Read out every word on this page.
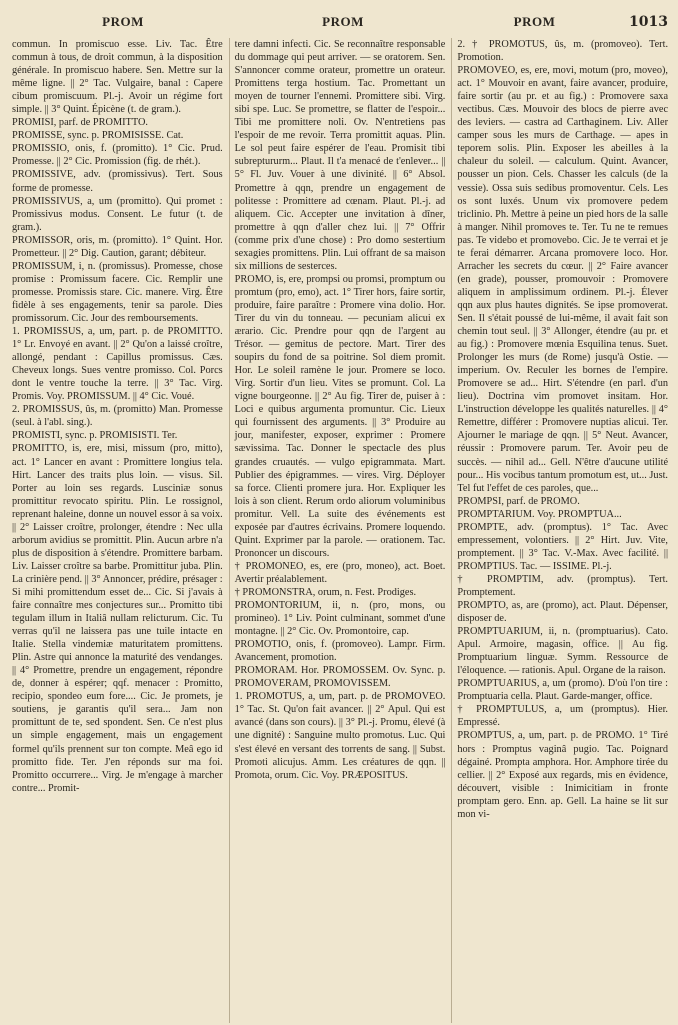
PROM	PROM	PROM	1013

commun. In promiscuo esse. Liv. Tac. Être commun à tous, de droit commun, à la disposition générale. In promiscuo habere. Sen. Mettre sur la même ligne. || 2° Tac. Vulgaire, banal : Capere cibum promiscuum. Pl.-j. Avoir un régime fort simple. || 3° Quint. Épicène (t. de gram.).

PROMISI, parf. de PROMITTO.

PROMISSE, sync. p. PROMISISSE. Cat.

PROMISSIO, onis, f. (promitto). 1° Cic. Prud. Promesse. || 2° Cic. Promission (fig. de rhét.).

PROMISSIVE, adv. (promissivus). Tert. Sous forme de promesse.

PROMISSIVUS, a, um (promitto). Qui promet : Promissivus modus. Consent. Le futur (t. de gram.).

PROMISSOR, oris, m. (promitto). 1° Quint. Hor. Prometteur. || 2° Dig. Caution, garant; débiteur.

PROMISSUM, i, n. (promissus). Promesse, chose promise : Promissum facere. Cic. Remplir une promesse. Promissis stare. Cic. manere. Virg. Être fidèle à ses engagements, tenir sa parole. Dies promissorum. Cic. Jour des remboursements.

1. PROMISSUS, a, um, part. p. de PROMITTO. 1° Lr. Envoyé en avant. || 2° Qu'on a laissé croître, allongé, pendant : Capillus promissus. Cæs. Cheveux longs. Sues ventre promisso. Col. Porcs dont le ventre touche la terre. || 3° Tac. Virg. Promis. Voy. PROMISSUM. || 4° Cic. Voué.

2. PROMISSUS, ûs, m. (promitto) Man. Promesse (seul. à l'abl. sing.).

PROMISTI, sync. p. PROMISISTI. Ter.

PROMITTO, is, ere, misi, missum (pro, mitto), act. 1° Lancer en avant : Promittere longius tela. Hirt. Lancer des traits plus loin. — visus. Sil. Porter au loin ses regards. Lusciniæ sonus promittitur revocato spiritu. Plin. Le rossignol, reprenant haleine, donne un nouvel essor à sa voix. || 2° Laisser croître, prolonger, étendre : Nec ulla arborum avidius se promittit. Plin. Aucun arbre n'a plus de disposition à s'étendre. Promittere barbam. Liv. Laisser croître sa barbe. Promittitur juba. Plin. La crinière pend. || 3° Annoncer, prédire, présager : Si mihi promittendum esset de... Cic. Si j'avais à faire connaître mes conjectures sur... Promitto tibi tegulam illum in Italiâ nullam relicturum. Cic. Tu verras qu'il ne laissera pas une tuile intacte en Italie. Stella vindemiæ maturitatem promittens. Plin. Astre qui annonce la maturité des vendanges. || 4° Promettre, prendre un engagement, répondre de, donner à espérer; qqf. menacer : Promitto, recipio, spondeo eum fore.... Cic. Je promets, je soutiens, je garantis qu'il sera... Jam non promittunt de te, sed spondent. Sen. Ce n'est plus un simple engagement, mais un engagement formel qu'ils prennent sur ton compte. Meâ ego id promitto fide. Ter. J'en réponds sur ma foi. Promitto occurrere... Virg. Je m'engage à marcher contre... Promit-

tere damni infecti. Cic. Se reconnaître responsable du dommage qui peut arriver. — se oratorem. Sen. S'annoncer comme orateur, promettre un orateur. Promittens terga hostium. Tac. Promettant un moyen de tourner l'ennemi. Promittere sibi. Virg. sibi spe. Luc. Se promettre, se flatter de l'espoir... Tibi me promittere noli. Ov. N'entretiens pas l'espoir de me revoir. Terra promittit aquas. Plin. Le sol peut faire espérer de l'eau. Promisit tibi subreptururm... Plaut. Il t'a menacé de t'enlever... || 5° Fl. Juv. Vouer à une divinité. || 6° Absol. Promettre à qqn, prendre un engagement de politesse : Promittere ad cœnam. Plaut. Pl.-j. ad aliquem. Cic. Accepter une invitation à dîner, promettre à qqn d'aller chez lui. || 7° Offrir (comme prix d'une chose) : Pro domo sestertium sexagies promittens. Plin. Lui offrant de sa maison six millions de sesterces.

PROMO, is, ere, prompsi ou promsi, promptum ou promtum (pro, emo), act. 1° Tirer hors, faire sortir, produire, faire paraître : Promere vina dolio. Hor. Tirer du vin du tonneau. — pecuniam alicui ex ærario. Cic. Prendre pour qqn de l'argent au Trésor. — gemitus de pectore. Mart. Tirer des soupirs du fond de sa poitrine. Sol diem promit. Hor. Le soleil ramène le jour. Promere se loco. Virg. Sortir d'un lieu. Vites se promunt. Col. La vigne bourgeonne. || 2° Au fig. Tirer de, puiser à : Loci e quibus argumenta promuntur. Cic. Lieux qui fournissent des arguments. || 3° Produire au jour, manifester, exposer, exprimer : Promere sævissima. Tac. Donner le spectacle des plus grandes cruautés. — vulgo epigrammata. Mart. Publier des épigrammes. — vires. Virg. Déployer sa force. Clienti promere jura. Hor. Expliquer les lois à son client. Rerum ordo aliorum voluminibus promitur. Vell. La suite des événements est exposée par d'autres écrivains. Promere loquendo. Quint. Exprimer par la parole. — orationem. Tac. Prononcer un discours.

† PROMONEO, es, ere (pro, moneo), act. Boet. Avertir préalablement.

† PROMONSTRA, orum, n. Fest. Prodiges.

PROMONTORIUM, ii, n. (pro, mons, ou promineo). 1° Liv. Point culminant, sommet d'une montagne. || 2° Cic. Ov. Promontoire, cap.

PROMOTIO, onis, f. (promoveo). Lampr. Firm. Avancement, promotion.

PROMORAM. Hor. PROMOSSEM. Ov. Sync. p. PROMOVERAM, PROMOVISSEM.

1. PROMOTUS, a, um, part. p. de PROMOVEO. 1° Tac. St. Qu'on fait avancer. || 2° Apul. Qui est avancé (dans son cours). || 3° Pl.-j. Promu, élevé (à une dignité) : Sanguine multo promotus. Luc. Qui s'est élevé en versant des torrents de sang. || Subst. Promoti alicujus. Amm. Les créatures de qqn. || Promota, orum. Cic. Voy. PRÆPOSITUS.

2. † PROMOTUS, ûs, m. (promoveo). Tert. Promotion.

PROMOVEO, es, ere, movi, motum (pro, moveo), act. 1° Mouvoir en avant, faire avancer, produire, faire sortir (au pr. et au fig.) : Promovere saxa vectibus. Cæs. Mouvoir des blocs de pierre avec des leviers. — castra ad Carthaginem. Liv. Aller camper sous les murs de Carthage. — apes in teporem solis. Plin. Exposer les abeilles à la chaleur du soleil. — calculum. Quint. Avancer, pousser un pion. Cels. Chasser les calculs (de la vessie). Ossa suis sedibus promoventur. Cels. Les os sont luxés. Unum vix promovere pedem triclinio. Ph. Mettre à peine un pied hors de la salle à manger. Nihil promoves te. Ter. Tu ne te remues pas. Te videbo et promovebo. Cic. Je te verrai et je te ferai démarrer. Arcana promovere loco. Hor. Arracher les secrets du cœur. || 2° Faire avancer (en grade), pousser, promouvoir : Promovere aliquem in amplissimum ordinem. Pl.-j. Élever qqn aux plus hautes dignités. Se ipse promoverat. Sen. Il s'était poussé de lui-même, il avait fait son chemin tout seul. || 3° Allonger, étendre (au pr. et au fig.) : Promovere mœnia Esquilina tenus. Suet. Prolonger les murs (de Rome) jusqu'à Ostie. — imperium. Ov. Reculer les bornes de l'empire. Promovere se ad... Hirt. S'étendre (en parl. d'un lieu). Doctrina vim promovet insitam. Hor. L'instruction développe les qualités naturelles. || 4° Remettre, différer : Promovere nuptias alicui. Ter. Ajourner le mariage de qqn. || 5° Neut. Avancer, réussir : Promovere parum. Ter. Avoir peu de succès. — nihil ad... Gell. N'être d'aucune utilité pour... His vocibus tantum promotum est, ut... Just. Tel fut l'effet de ces paroles, que...

PROMPSI, parf. de PROMO.

PROMPTARIUM. Voy. PROMPTUA...

PROMPTE, adv. (promptus). 1° Tac. Avec empressement, volontiers. || 2° Hirt. Juv. Vite, promptement. || 3° Tac. V.-Max. Avec facilité. || PROMPTIUS. Tac. — ISSIME. Pl.-j.

† PROMPTIM, adv. (promptus). Tert. Promptement.

PROMPTO, as, are (promo), act. Plaut. Dépenser, disposer de.

PROMPTUARIUM, ii, n. (promptuarius). Cato. Apul. Armoire, magasin, office. || Au fig. Promptuarium linguæ. Symm. Ressource de l'éloquence. — rationis. Apul. Organe de la raison.

PROMPTUARIUS, a, um (promo). D'où l'on tire : Promptuaria cella. Plaut. Garde-manger, office.

† PROMPTULUS, a, um (promptus). Hier. Empressé.

PROMPTUS, a, um, part. p. de PROMO. 1° Tiré hors : Promptus vaginâ pugio. Tac. Poignard dégainé. Prompta amphora. Hor. Amphore tirée du cellier. || 2° Exposé aux regards, mis en évidence, découvert, visible : Inimicitiam in fronte promptam gero. Enn. ap. Gell. La haine se lit sur mon vi-
